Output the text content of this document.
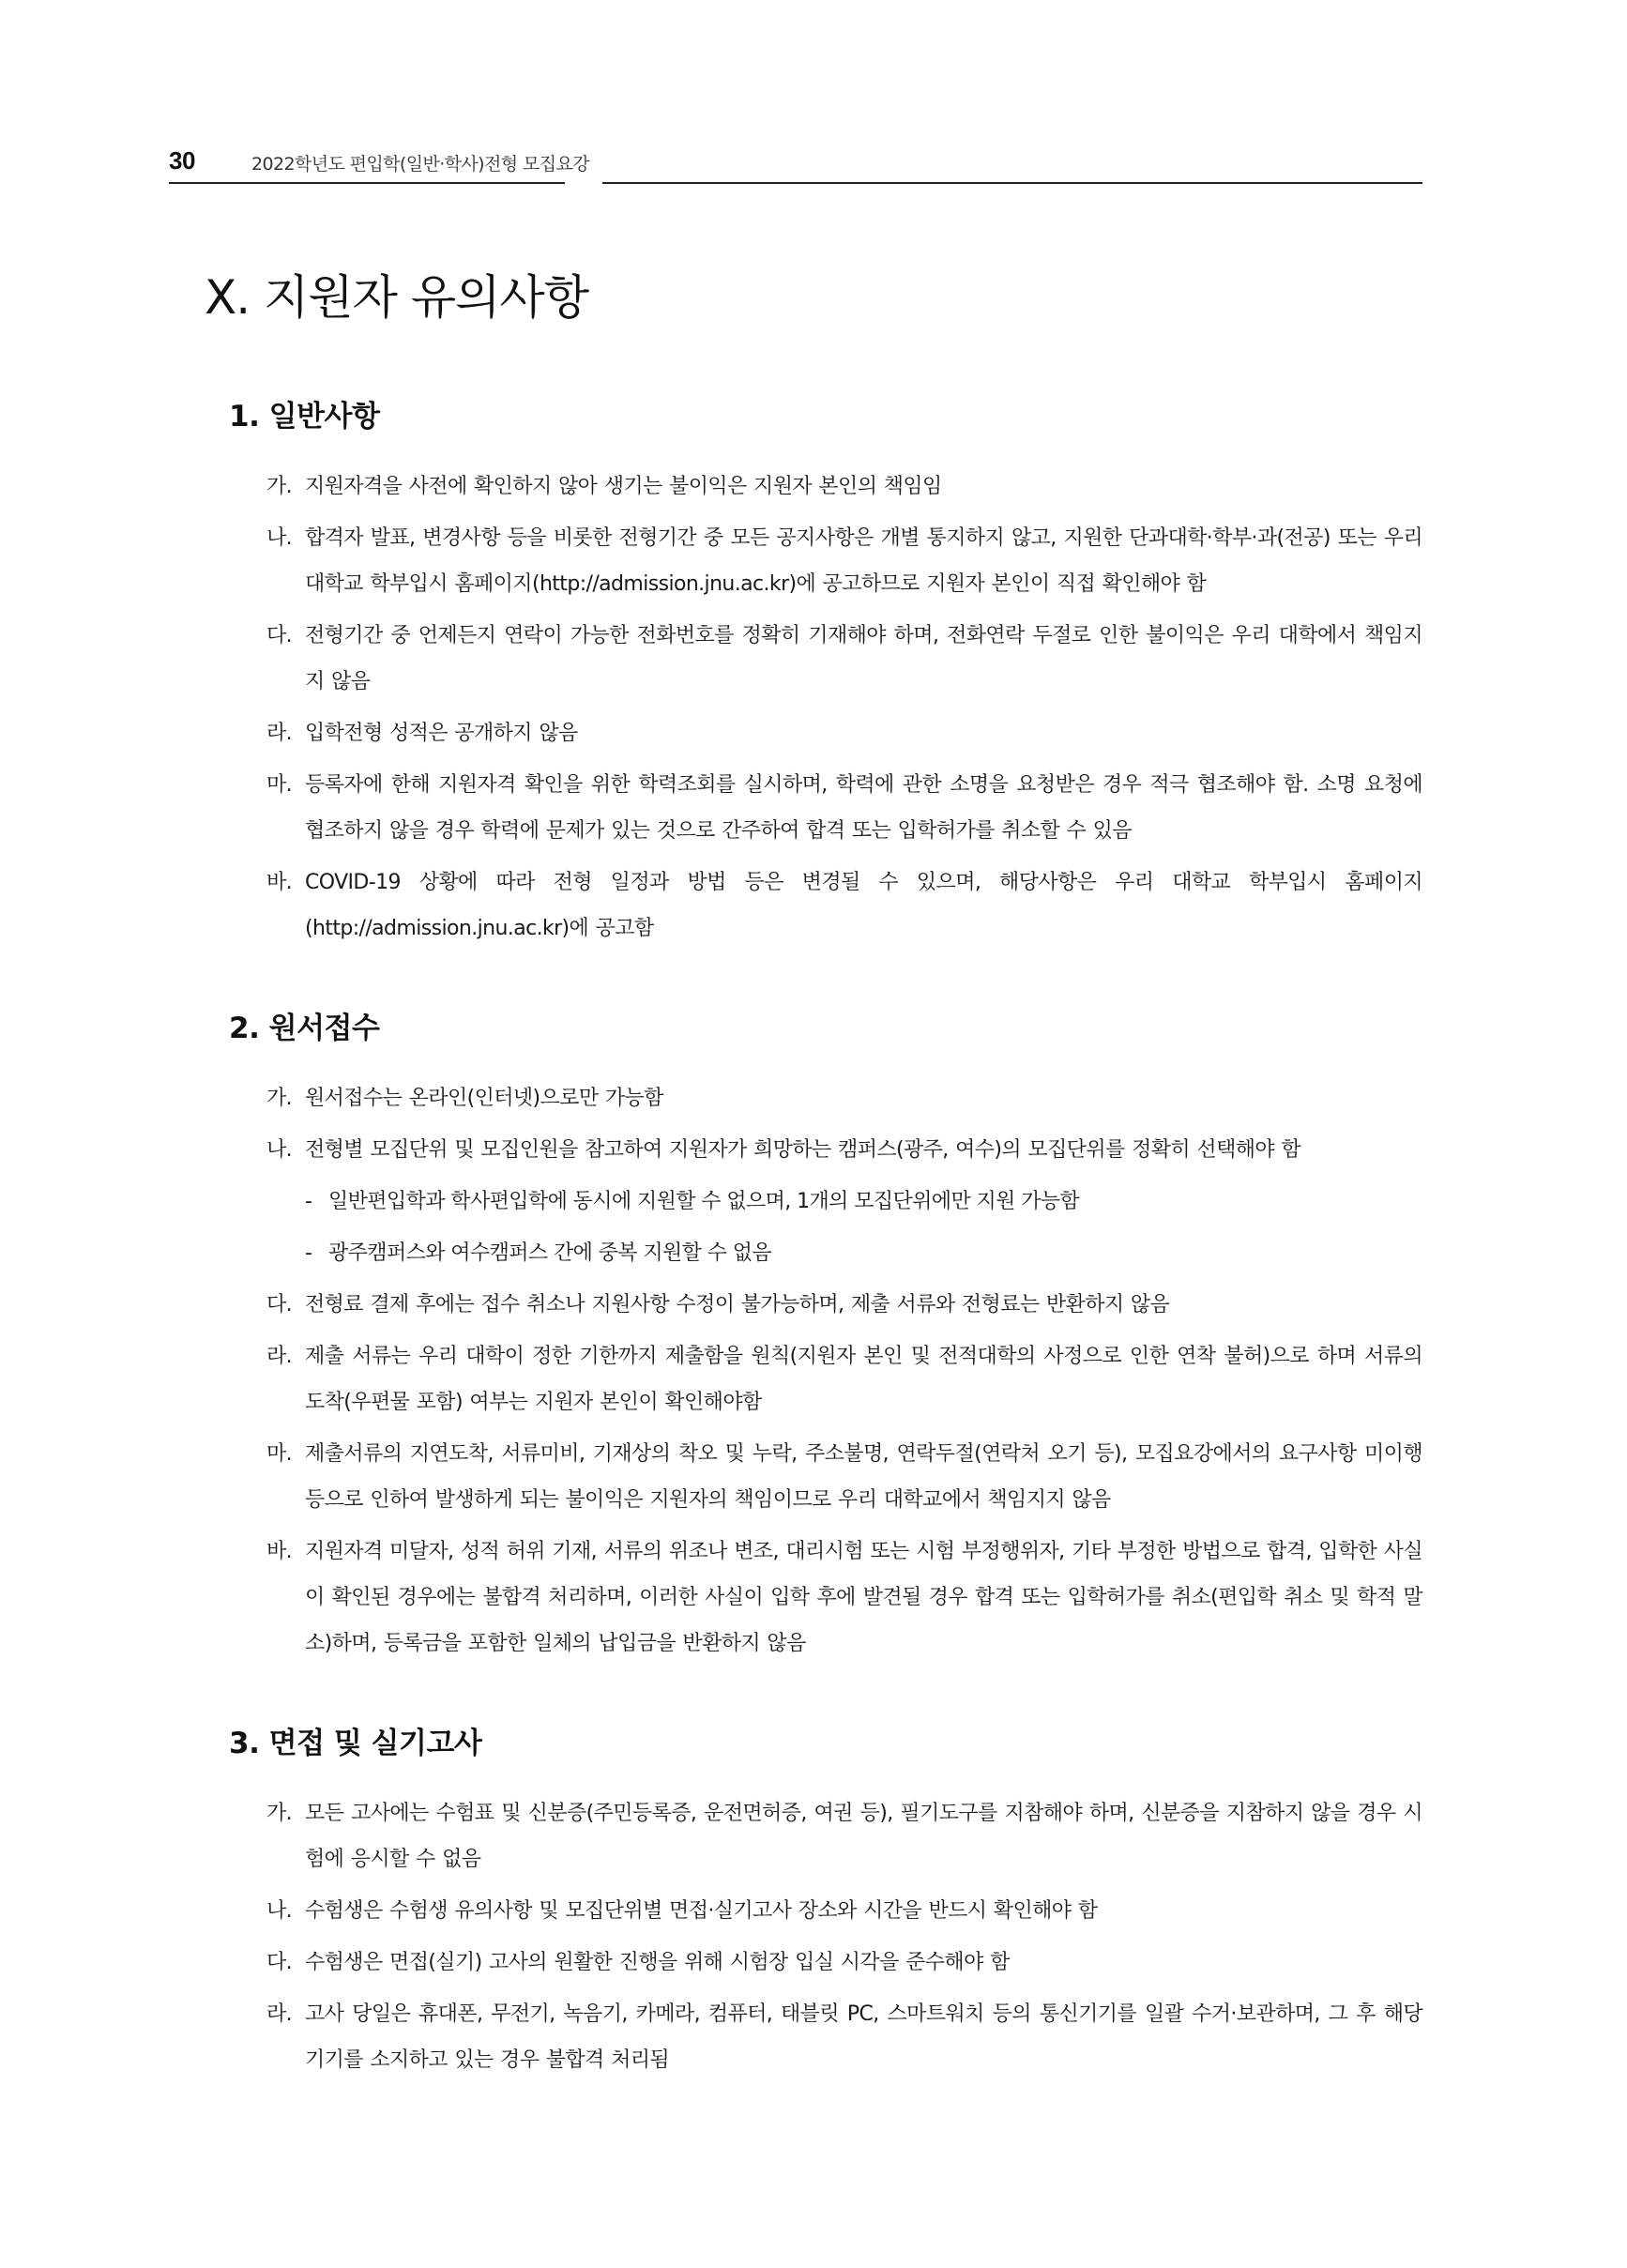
30	2022학년도 편입학(일반·학사)전형 모집요강
Ⅹ. 지원자 유의사항
1. 일반사항
가. 지원자격을 사전에 확인하지 않아 생기는 불이익은 지원자 본인의 책임임
나. 합격자 발표, 변경사항 등을 비롯한 전형기간 중 모든 공지사항은 개별 통지하지 않고, 지원한 단과대학·학부·과(전공) 또는 우리 대학교 학부입시 홈페이지(http://admission.jnu.ac.kr)에 공고하므로 지원자 본인이 직접 확인해야 함
다. 전형기간 중 언제든지 연락이 가능한 전화번호를 정확히 기재해야 하며, 전화연락 두절로 인한 불이익은 우리 대학에서 책임지지 않음
라. 입학전형 성적은 공개하지 않음
마. 등록자에 한해 지원자격 확인을 위한 학력조회를 실시하며, 학력에 관한 소명을 요청받은 경우 적극 협조해야 함. 소명 요청에 협조하지 않을 경우 학력에 문제가 있는 것으로 간주하여 합격 또는 입학허가를 취소할 수 있음
바. COVID-19 상황에 따라 전형 일정과 방법 등은 변경될 수 있으며, 해당사항은 우리 대학교 학부입시 홈페이지(http://admission.jnu.ac.kr)에 공고함
2. 원서접수
가. 원서접수는 온라인(인터넷)으로만 가능함
나. 전형별 모집단위 및 모집인원을 참고하여 지원자가 희망하는 캠퍼스(광주, 여수)의 모집단위를 정확히 선택해야 함
- 일반편입학과 학사편입학에 동시에 지원할 수 없으며, 1개의 모집단위에만 지원 가능함
- 광주캠퍼스와 여수캠퍼스 간에 중복 지원할 수 없음
다. 전형료 결제 후에는 접수 취소나 지원사항 수정이 불가능하며, 제출 서류와 전형료는 반환하지 않음
라. 제출 서류는 우리 대학이 정한 기한까지 제출함을 원칙(지원자 본인 및 전적대학의 사정으로 인한 연착 불허)으로 하며 서류의 도착(우편물 포함) 여부는 지원자 본인이 확인해야함
마. 제출서류의 지연도착, 서류미비, 기재상의 착오 및 누락, 주소불명, 연락두절(연락처 오기 등), 모집요강에서의 요구사항 미이행 등으로 인하여 발생하게 되는 불이익은 지원자의 책임이므로 우리 대학교에서 책임지지 않음
바. 지원자격 미달자, 성적 허위 기재, 서류의 위조나 변조, 대리시험 또는 시험 부정행위자, 기타 부정한 방법으로 합격, 입학한 사실이 확인된 경우에는 불합격 처리하며, 이러한 사실이 입학 후에 발견될 경우 합격 또는 입학허가를 취소(편입학 취소 및 학적 말소)하며, 등록금을 포함한 일체의 납입금을 반환하지 않음
3. 면접 및 실기고사
가. 모든 고사에는 수험표 및 신분증(주민등록증, 운전면허증, 여권 등), 필기도구를 지참해야 하며, 신분증을 지참하지 않을 경우 시험에 응시할 수 없음
나. 수험생은 수험생 유의사항 및 모집단위별 면접·실기고사 장소와 시간을 반드시 확인해야 함
다. 수험생은 면접(실기) 고사의 원활한 진행을 위해 시험장 입실 시각을 준수해야 함
라. 고사 당일은 휴대폰, 무전기, 녹음기, 카메라, 컴퓨터, 태블릿 PC, 스마트워치 등의 통신기기를 일괄 수거·보관하며, 그 후 해당 기기를 소지하고 있는 경우 불합격 처리됨
